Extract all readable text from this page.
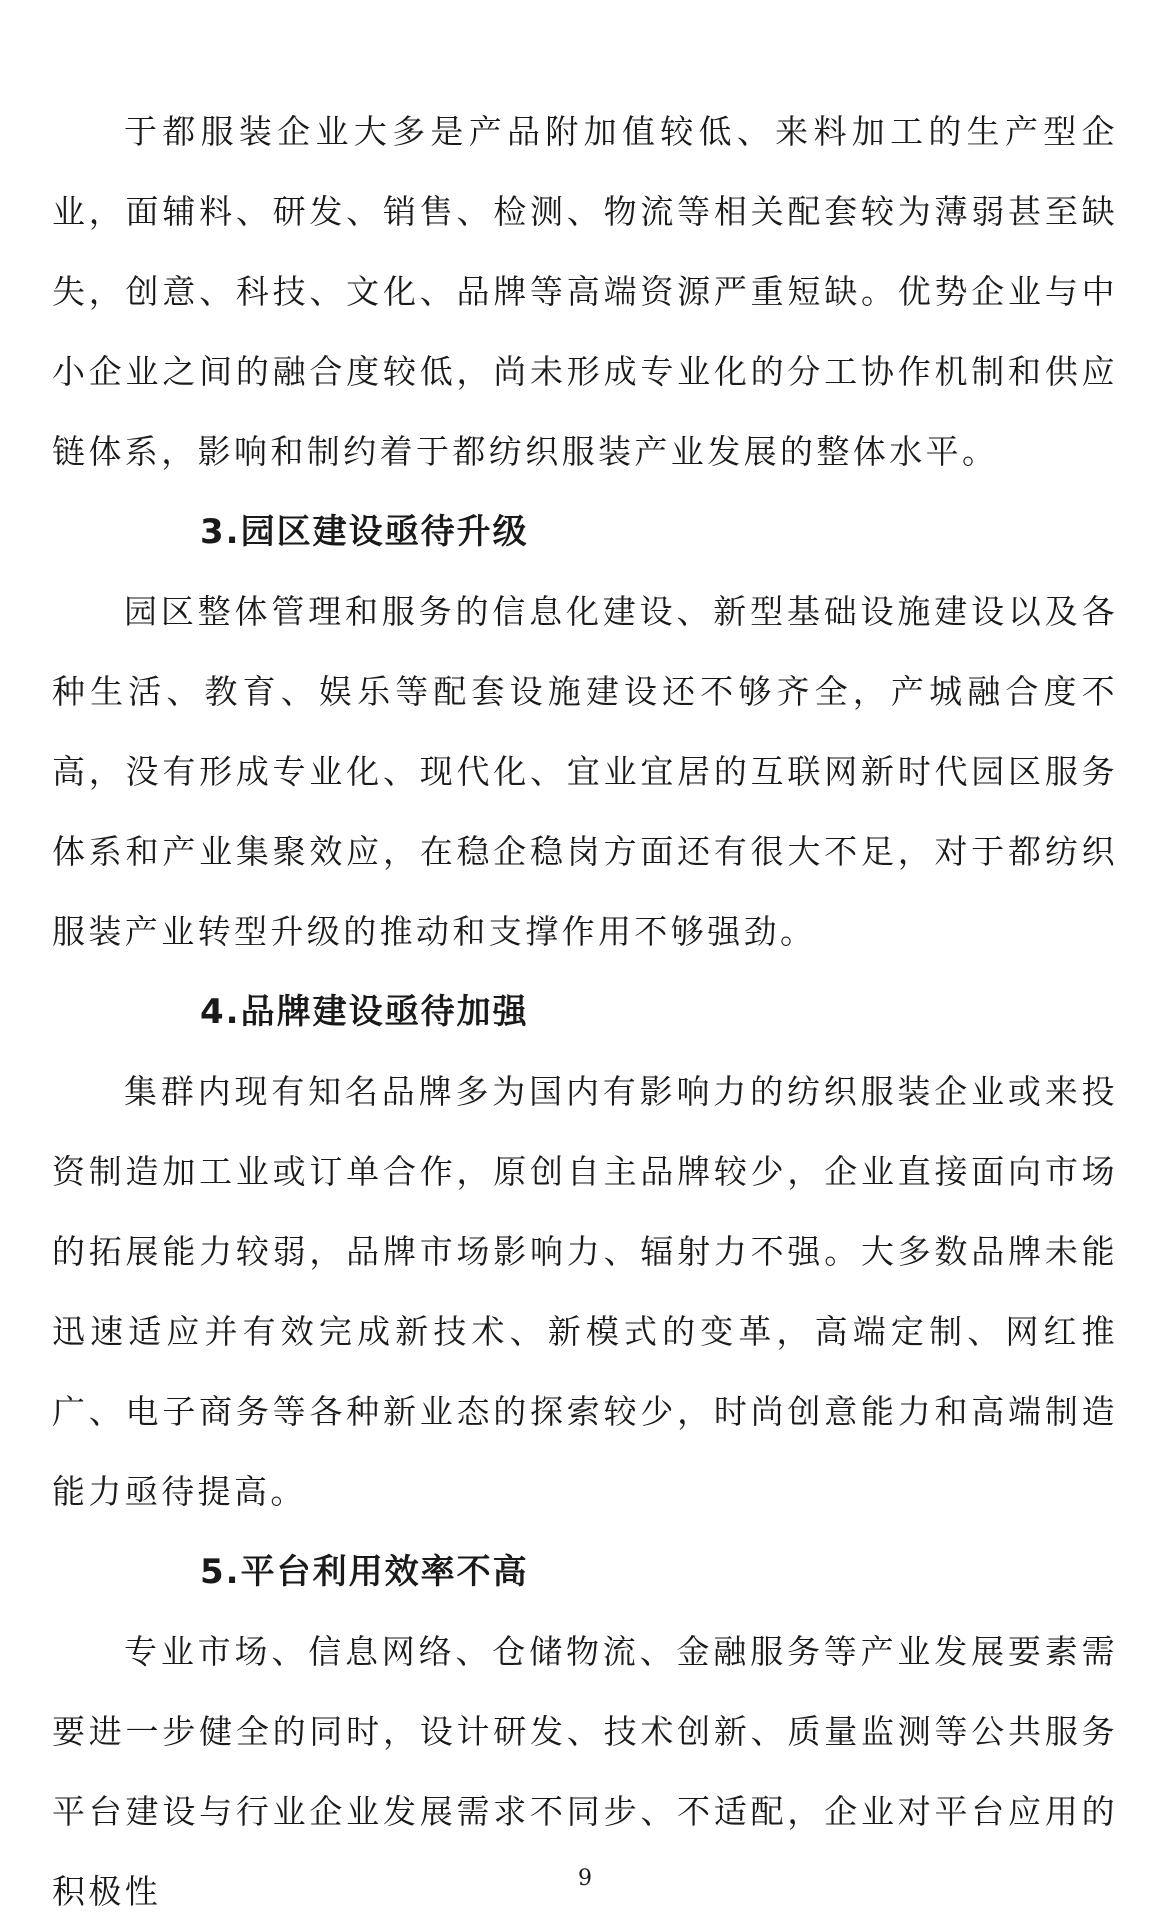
于都服装企业大多是产品附加值较低、来料加工的生产型企业，面辅料、研发、销售、检测、物流等相关配套较为薄弱甚至缺失，创意、科技、文化、品牌等高端资源严重短缺。优势企业与中小企业之间的融合度较低，尚未形成专业化的分工协作机制和供应链体系，影响和制约着于都纺织服装产业发展的整体水平。

3.园区建设亟待升级

园区整体管理和服务的信息化建设、新型基础设施建设以及各种生活、教育、娱乐等配套设施建设还不够齐全，产城融合度不高，没有形成专业化、现代化、宜业宜居的互联网新时代园区服务体系和产业集聚效应，在稳企稳岗方面还有很大不足，对于都纺织服装产业转型升级的推动和支撑作用不够强劲。

4.品牌建设亟待加强

集群内现有知名品牌多为国内有影响力的纺织服装企业或来投资制造加工业或订单合作，原创自主品牌较少，企业直接面向市场的拓展能力较弱，品牌市场影响力、辐射力不强。大多数品牌未能迅速适应并有效完成新技术、新模式的变革，高端定制、网红推广、电子商务等各种新业态的探索较少，时尚创意能力和高端制造能力亟待提高。

5.平台利用效率不高

专业市场、信息网络、仓储物流、金融服务等产业发展要素需要进一步健全的同时，设计研发、技术创新、质量监测等公共服务平台建设与行业企业发展需求不同步、不适配，企业对平台应用的积极性	9
